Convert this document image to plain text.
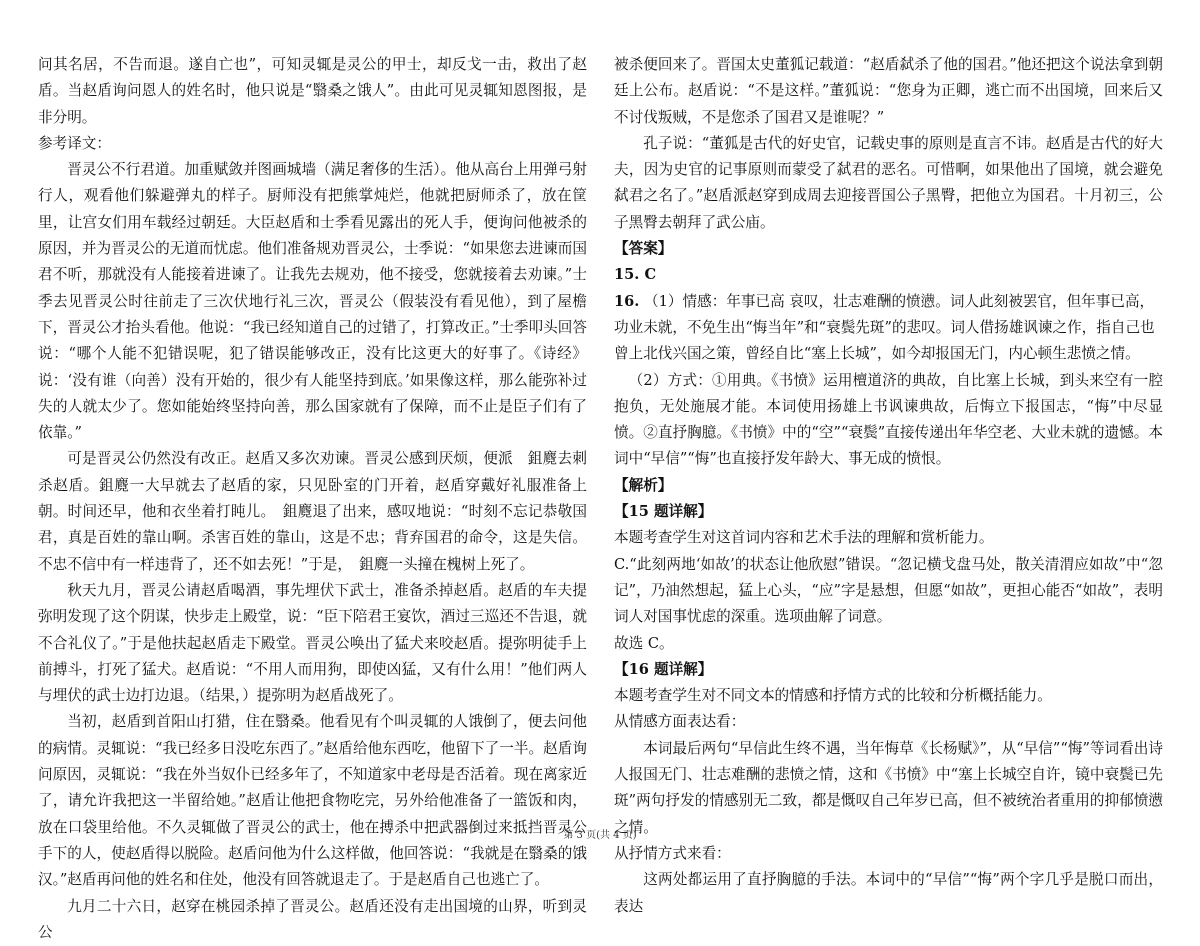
问其名居，不告而退。遂自亡也”，可知灵辄是灵公的甲士，却反戈一击，救出了赵盾。当赵盾询问恩人的姓名时，他只说是“翳桑之饿人”。由此可见灵辄知恩图报，是非分明。

参考译文：

晋灵公不行君道。加重赋敛并图画城墙（满足奢侈的生活）。他从高台上用弹弓射行人，观看他们躲避弹丸的样子。厨师没有把熊掌炖烂，他就把厨师杀了，放在筐里，让宫女们用车载经过朝廷。大臣赵盾和士季看见露出的死人手，便询问他被杀的原因，并为晋灵公的无道而忧虑。他们准备规劝晋灵公，士季说：“如果您去进谏而国君不听，那就没有人能接着进谏了。让我先去规劝，他不接受，您就接着去劝谏。”士季去见晋灵公时往前走了三次伏地行礼三次，晋灵公（假装没有看见他），到了屋檐下，晋灵公才抬头看他。他说：“我已经知道自己的过错了，打算改正。”士季叩头回答说：“哪个人能不犯错误呢，犯了错误能够改正，没有比这更大的好事了。《诗经》说：‘没有谁（向善）没有开始的，很少有人能坚持到底。’如果像这样，那么能弥补过失的人就太少了。您如能始终坚持向善，那么国家就有了保障，而不止是臣子们有了依靠。”

可是晋灵公仍然没有改正。赵盾又多次劝谏。晋灵公感到厌烦，便派　鉏麑去刺杀赵盾。鉏麑一大早就去了赵盾的家，只见卧室的门开着，赵盾穿戴好礼服准备上朝。时间还早，他和衣坐着打盹儿。　鉏麑退了出来，感叹地说：“时刻不忘记恭敬国君，真是百姓的靠山啊。杀害百姓的靠山，这是不忠；背弃国君的命令，这是失信。不忠不信中有一样违背了，还不如去死！”于是，　鉏麑一头撞在槐树上死了。

秋天九月，晋灵公请赵盾喝酒，事先埋伏下武士，准备杀掉赵盾。赵盾的车夫提弥明发现了这个阴谋，快步走上殿堂，说：“臣下陪君王宴饮，酒过三巡还不告退，就不合礼仪了。”于是他扶起赵盾走下殿堂。晋灵公唤出了猛犬来咬赵盾。提弥明徒手上前搏斗，打死了猛犬。赵盾说：“不用人而用狗，即使凶猛，又有什么用！”他们两人与埋伏的武士边打边退。（结果，）提弥明为赵盾战死了。

当初，赵盾到首阳山打猎，住在翳桑。他看见有个叫灵辄的人饿倒了，便去问他的病情。灵辄说：“我已经多日没吃东西了。”赵盾给他东西吃，他留下了一半。赵盾询问原因，灵辄说：“我在外当奴仆已经多年了，不知道家中老母是否活着。现在离家近了，请允许我把这一半留给她。”赵盾让他把食物吃完，另外给他准备了一篮饭和肉，放在口袋里给他。不久灵辄做了晋灵公的武士，他在搏杀中把武器倒过来抵挡晋灵公手下的人，使赵盾得以脱险。赵盾问他为什么这样做，他回答说：“我就是在翳桑的饿汉。”赵盾再问他的姓名和住处，他没有回答就退走了。于是赵盾自己也逃亡了。

九月二十六日，赵穿在桃园杀掉了晋灵公。赵盾还没有走出国境的山界，听到灵公

被杀便回来了。晋国太史董狐记载道：“赵盾弑杀了他的国君。”他还把这个说法拿到朝廷上公布。赵盾说：“不是这样。”董狐说：“您身为正卿，逃亡而不出国境，回来后又不讨伐叛贼，不是您杀了国君又是谁呢？”

孔子说：“董狐是古代的好史官，记载史事的原则是直言不讳。赵盾是古代的好大夫，因为史官的记事原则而蒙受了弑君的恶名。可惜啊，如果他出了国境，就会避免弑君之名了。”赵盾派赵穿到成周去迎接晋国公子黑臀，把他立为国君。十月初三，公子黑臀去朝拜了武公庙。

【答案】

15. C

16.

（1）情感：年事已高 哀叹，壮志难酬的愤懑。词人此刻被罢官，但年事已高，功业未就，不免生出“悔当年”和“衰鬓先斑”的悲叹。词人借扬雄讽谏之作，指自己也曾上北伐兴国之策，曾经自比“塞上长城”，如今却报国无门，内心顿生悲愤之情。

（2）方式：①用典。《书愤》运用檀道济的典故，自比塞上长城，到头来空有一腔抱负，无处施展才能。本词使用扬雄上书讽谏典故，后悔立下报国志，“悔”中尽显愤。②直抒胸臆。《书愤》中的“空”“衰鬓”直接传递出年华空老、大业未就的遗憾。本词中“早信”“悔”也直接抒发年龄大、事无成的愤恨。

【解析】

【15 题详解】

本题考查学生对这首词内容和艺术手法的理解和赏析能力。

C.“此刻两地‘如故’的状态让他欣慰”错误。“忽记横戈盘马处，散关清渭应如故”中“忽记”，乃油然想起，猛上心头，“应”字是悬想，但愿“如故”，更担心能否“如故”，表明词人对国事忧虑的深重。选项曲解了词意。

故选 C。

【16 题详解】

本题考查学生对不同文本的情感和抒情方式的比较和分析概括能力。

从情感方面表达看：

本词最后两句“早信此生终不遇，当年悔草《长杨赋》”，从“早信”“悔”等词看出诗人报国无门、壮志难酬的悲愤之情，这和《书愤》中“塞上长城空自许，镜中衰鬓已先斑”两句抒发的情感别无二致，都是慨叹自己年岁已高，但不被统治者重用的抑郁愤懑之情。

从抒情方式来看：

这两处都运用了直抒胸臆的手法。本词中的“早信”“悔”两个字几乎是脱口而出，表达

第 3 页(共 4 页)
